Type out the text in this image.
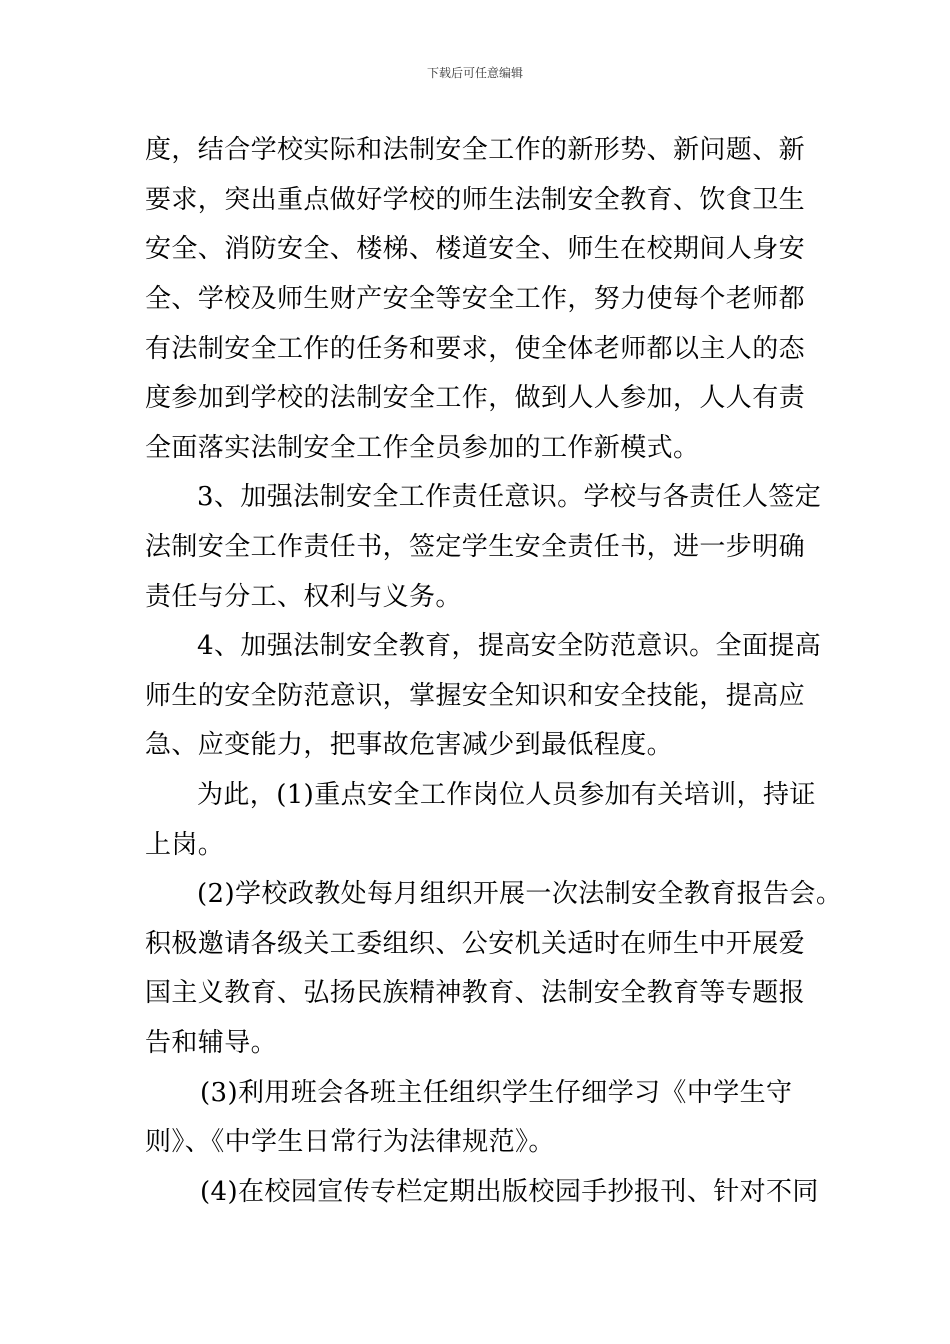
下载后可任意编辑
度，结合学校实际和法制安全工作的新形势、新问题、新
要求，突出重点做好学校的师生法制安全教育、饮食卫生
安全、消防安全、楼梯、楼道安全、师生在校期间人身安
全、学校及师生财产安全等安全工作，努力使每个老师都
有法制安全工作的任务和要求，使全体老师都以主人的态
度参加到学校的法制安全工作，做到人人参加，人人有责
全面落实法制安全工作全员参加的工作新模式。
3、加强法制安全工作责任意识。学校与各责任人签定
法制安全工作责任书，签定学生安全责任书，进一步明确
责任与分工、权利与义务。
4、加强法制安全教育，提高安全防范意识。全面提高
师生的安全防范意识，掌握安全知识和安全技能，提高应
急、应变能力，把事故危害减少到最低程度。
为此，(1)重点安全工作岗位人员参加有关培训，持证
上岗。
(2)学校政教处每月组织开展一次法制安全教育报告会。
积极邀请各级关工委组织、公安机关适时在师生中开展爱
国主义教育、弘扬民族精神教育、法制安全教育等专题报
告和辅导。
(3)利用班会各班主任组织学生仔细学习《中学生守
则》、《中学生日常行为法律规范》。
(4)在校园宣传专栏定期出版校园手抄报刊、针对不同
